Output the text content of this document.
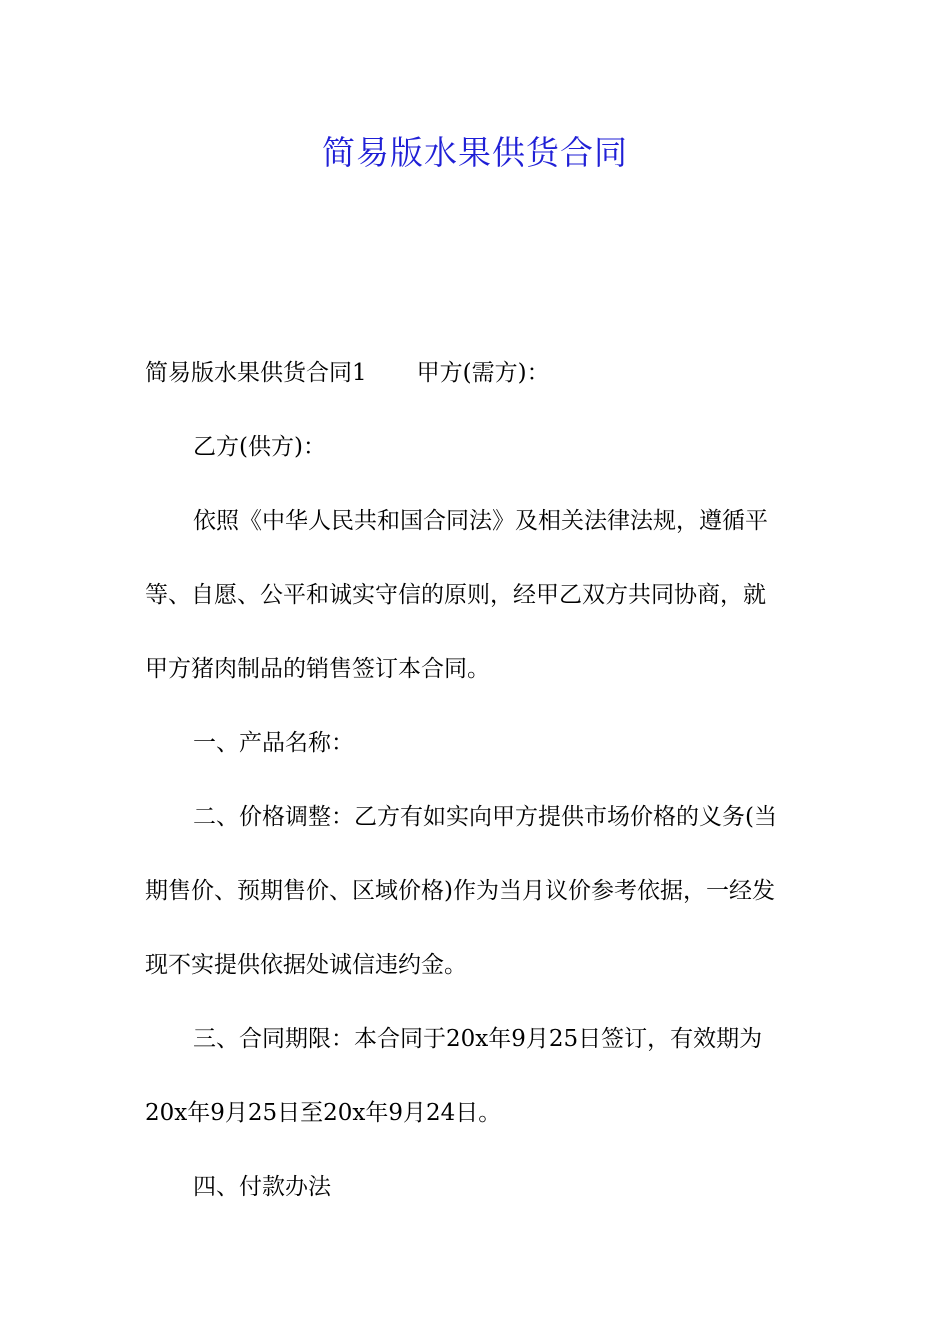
简易版水果供货合同
简易版水果供货合同1 甲方(需方)：
乙方(供方)：
依照《中华人民共和国合同法》及相关法律法规，遵循平
等、自愿、公平和诚实守信的原则，经甲乙双方共同协商，就
甲方猪肉制品的销售签订本合同。
一、产品名称：
二、价格调整：乙方有如实向甲方提供市场价格的义务(当
期售价、预期售价、区域价格)作为当月议价参考依据，一经发
现不实提供依据处诚信违约金。
三、合同期限：本合同于20x年9月25日签订，有效期为
20x年9月25日至20x年9月24日。
四、付款办法
